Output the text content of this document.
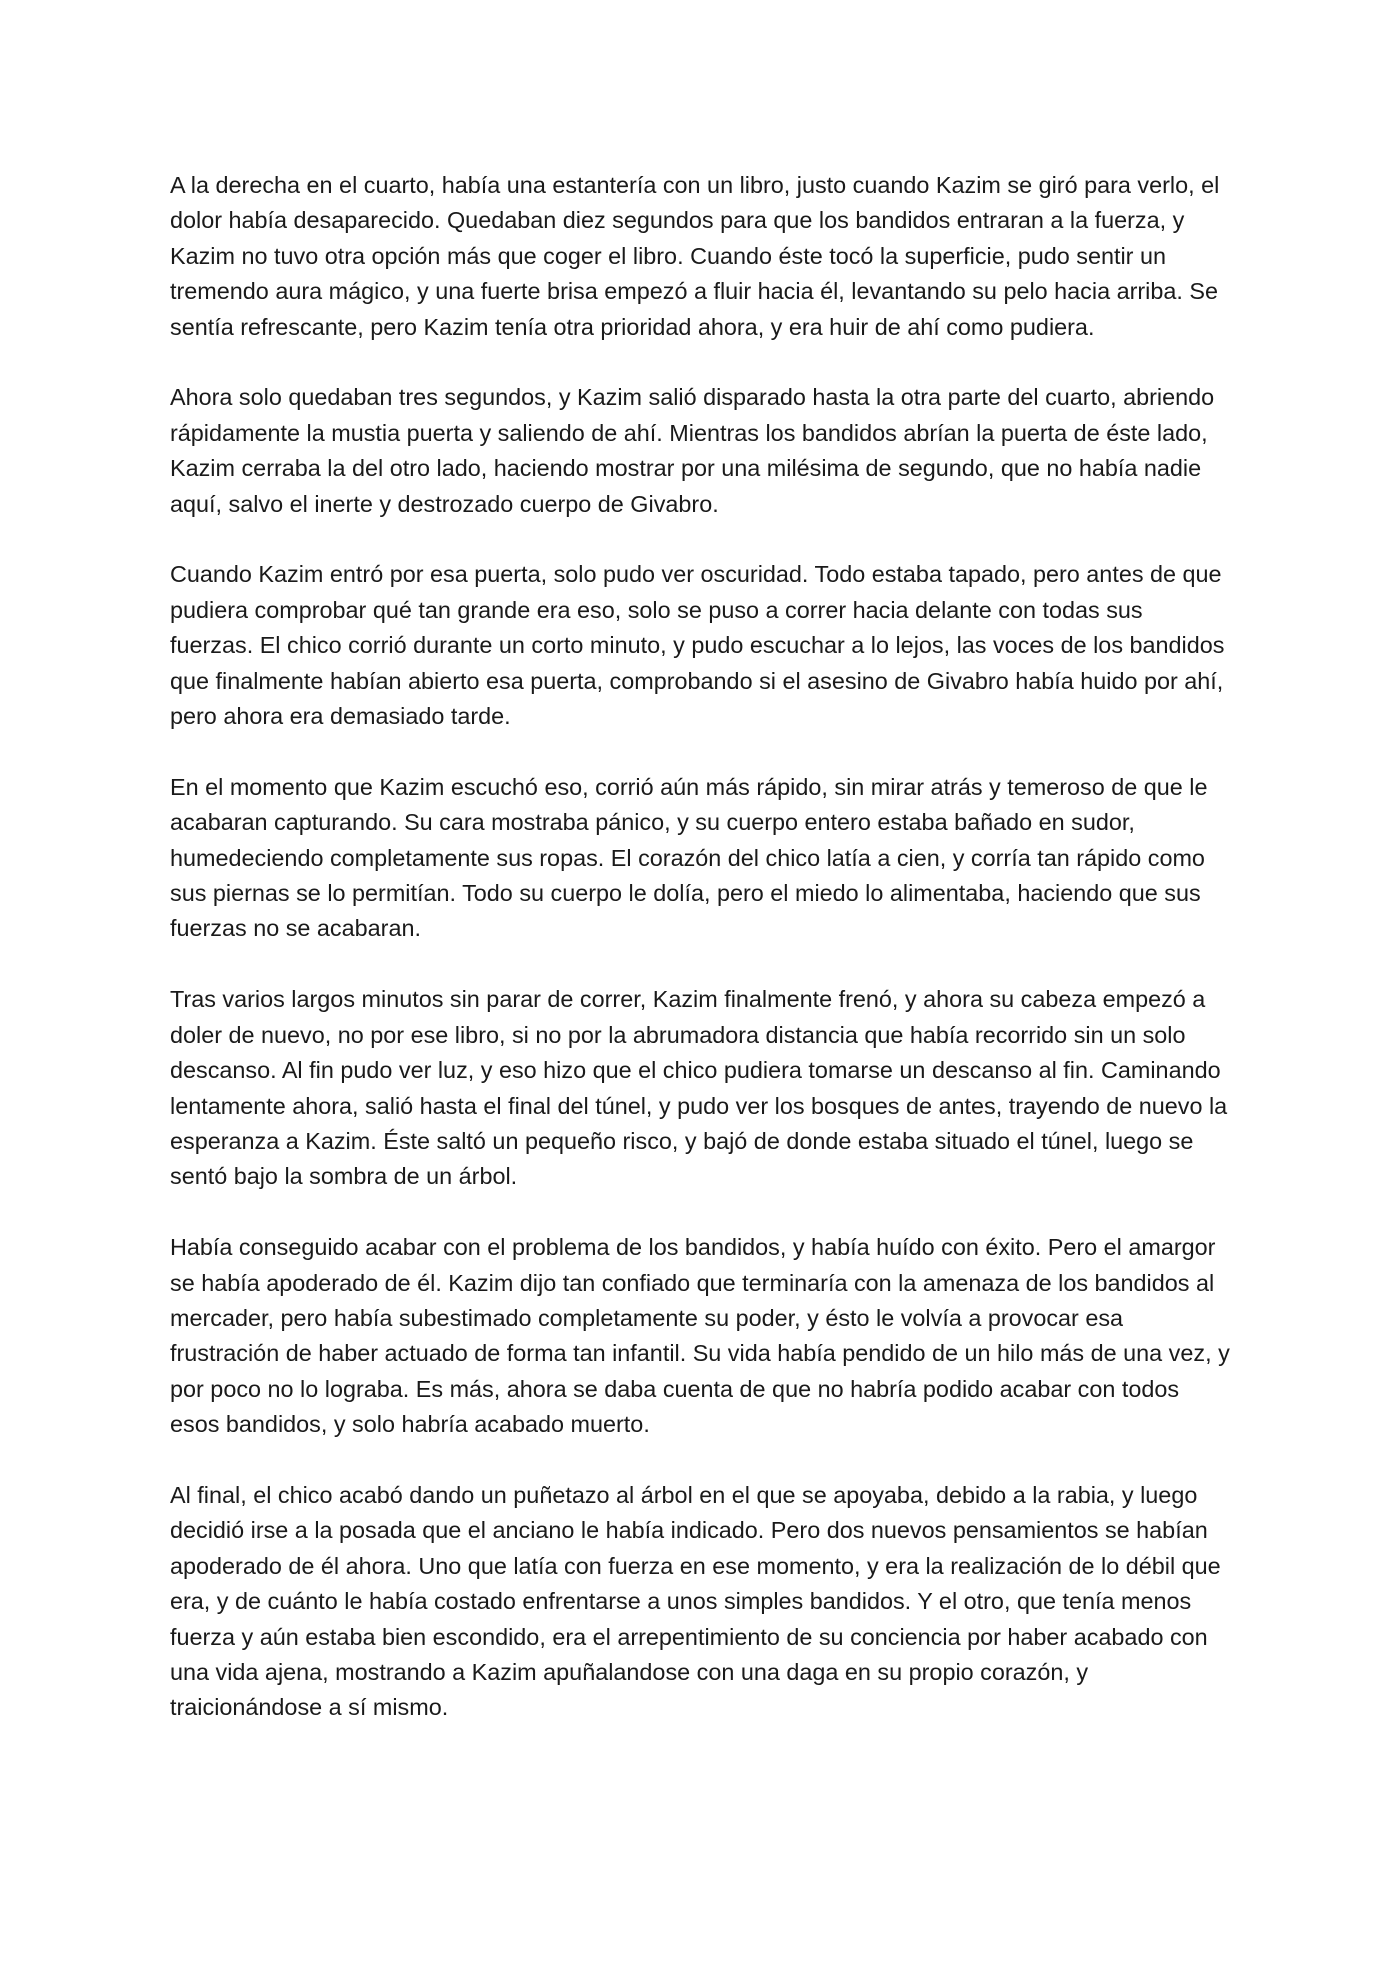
A la derecha en el cuarto, había una estantería con un libro, justo cuando Kazim se giró para verlo, el dolor había desaparecido. Quedaban diez segundos para que los bandidos entraran a la fuerza, y Kazim no tuvo otra opción más que coger el libro. Cuando éste tocó la superficie, pudo sentir un tremendo aura mágico, y una fuerte brisa empezó a fluir hacia él, levantando su pelo hacia arriba. Se sentía refrescante, pero Kazim tenía otra prioridad ahora, y era huir de ahí como pudiera.

Ahora solo quedaban tres segundos, y Kazim salió disparado hasta la otra parte del cuarto, abriendo rápidamente la mustia puerta y saliendo de ahí. Mientras los bandidos abrían la puerta de éste lado, Kazim cerraba la del otro lado, haciendo mostrar por una milésima de segundo, que no había nadie aquí, salvo el inerte y destrozado cuerpo de Givabro.

Cuando Kazim entró por esa puerta, solo pudo ver oscuridad. Todo estaba tapado, pero antes de que pudiera comprobar qué tan grande era eso, solo se puso a correr hacia delante con todas sus fuerzas. El chico corrió durante un corto minuto, y pudo escuchar a lo lejos, las voces de los bandidos que finalmente habían abierto esa puerta, comprobando si el asesino de Givabro había huido por ahí, pero ahora era demasiado tarde.

En el momento que Kazim escuchó eso, corrió aún más rápido, sin mirar atrás y temeroso de que le acabaran capturando. Su cara mostraba pánico, y su cuerpo entero estaba bañado en sudor, humedeciendo completamente sus ropas. El corazón del chico latía a cien, y corría tan rápido como sus piernas se lo permitían. Todo su cuerpo le dolía, pero el miedo lo alimentaba, haciendo que sus fuerzas no se acabaran.

Tras varios largos minutos sin parar de correr, Kazim finalmente frenó, y ahora su cabeza empezó a doler de nuevo, no por ese libro, si no por la abrumadora distancia que había recorrido sin un solo descanso. Al fin pudo ver luz, y eso hizo que el chico pudiera tomarse un descanso al fin. Caminando lentamente ahora, salió hasta el final del túnel, y pudo ver los bosques de antes, trayendo de nuevo la esperanza a Kazim. Éste saltó un pequeño risco, y bajó de donde estaba situado el túnel, luego se sentó bajo la sombra de un árbol.

Había conseguido acabar con el problema de los bandidos, y había huído con éxito. Pero el amargor se había apoderado de él. Kazim dijo tan confiado que terminaría con la amenaza de los bandidos al mercader, pero había subestimado completamente su poder, y ésto le volvía a provocar esa frustración de haber actuado de forma tan infantil. Su vida había pendido de un hilo más de una vez, y por poco no lo lograba. Es más, ahora se daba cuenta de que no habría podido acabar con todos esos bandidos, y solo habría acabado muerto.

Al final, el chico acabó dando un puñetazo al árbol en el que se apoyaba, debido a la rabia, y luego decidió irse a la posada que el anciano le había indicado. Pero dos nuevos pensamientos se habían apoderado de él ahora. Uno que latía con fuerza en ese momento, y era la realización de lo débil que era, y de cuánto le había costado enfrentarse a unos simples bandidos. Y el otro, que tenía menos fuerza y aún estaba bien escondido, era el arrepentimiento de su conciencia por haber acabado con una vida ajena, mostrando a Kazim apuñalandose con una daga en su propio corazón, y traicionándose a sí mismo.
